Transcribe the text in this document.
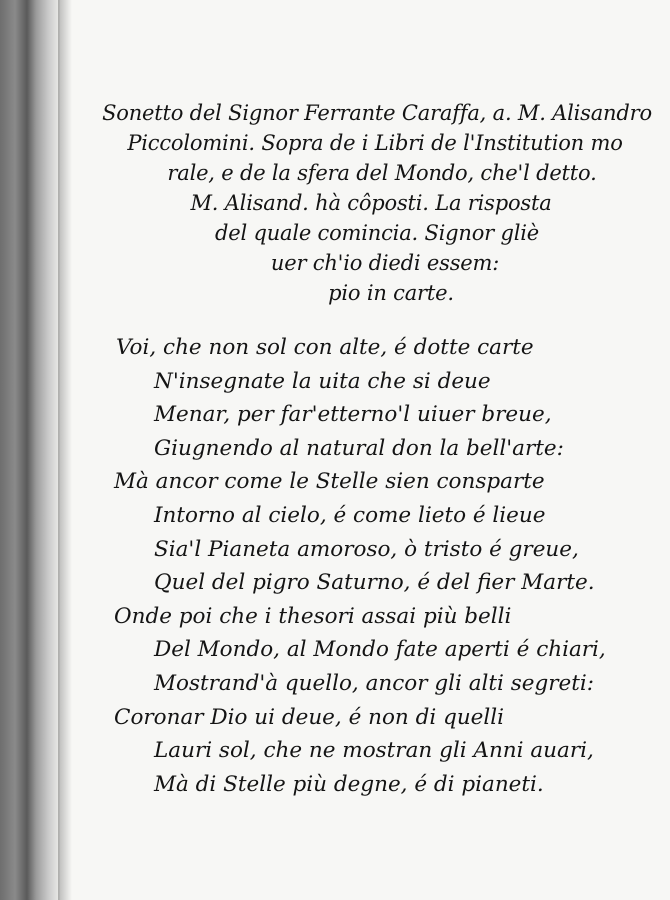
Sonetto del Signor Ferrante Caraffa, a. M. Alisandro
Piccolomini. Sopra de i Libri de l'Institution mo
rale, e de la sfera del Mondo, che'l detto.
M. Alisand. hà côposti. La risposta
del quale comincia. Signor gliè
uer ch'io diedi essem:
pio in carte.
Voi, che non sol con alte, é dotte carte
N'insegnate la uita che si deue
Menar, per far'etterno'l uiuer breue,
Giugnendo al natural don la bell'arte:
Mà ancor come le Stelle sien consparte
Intorno al cielo, é come lieto é lieue
Sia'l Pianeta amoroso, ò tristo é greue,
Quel del pigro Saturno, é del fier Marte.
Onde poi che i thesori assai più belli
Del Mondo, al Mondo fate aperti é chiari,
Mostrand'à quello, ancor gli alti segreti:
Coronar Dio ui deue, é non di quelli
Lauri sol, che ne mostran gli Anni auari,
Mà di Stelle più degne, é di pianeti.
